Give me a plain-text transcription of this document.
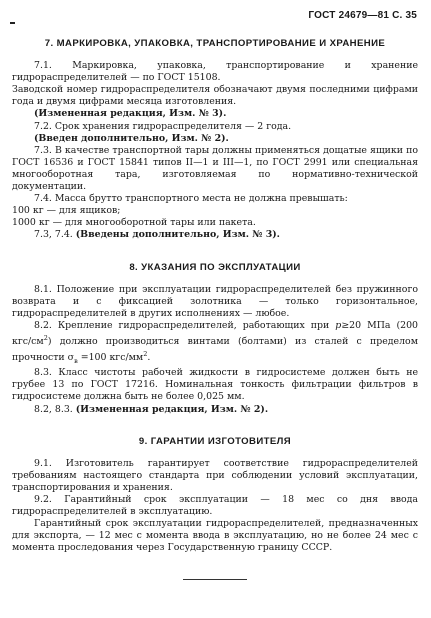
ГОСТ 24679—81 С. 35
7. МАРКИРОВКА, УПАКОВКА, ТРАНСПОРТИРОВАНИЕ И ХРАНЕНИЕ

7.1. Маркировка, упаковка, транспортирование и хранение гидрораспределителей — по ГОСТ 15108.

Заводской номер гидрораспределителя обозначают двумя последними цифрами года и двумя цифрами месяца изготовления.

(Измененная редакция, Изм. № 3).

7.2. Срок хранения гидрораспределителя — 2 года.

(Введен дополнительно, Изм. № 2).

7.3. В качестве транспортной тары должны применяться дощатые ящики по ГОСТ 16536 и ГОСТ 15841 типов II—1 и III—1, по ГОСТ 2991 или специальная многооборотная тара, изготовляемая по нормативно-технической документации.

7.4. Масса брутто транспортного места не должна превышать:

100 кг — для ящиков;

1000 кг — для многооборотной тары или пакета.

7.3, 7.4. (Введены дополнительно, Изм. № 3).

8. УКАЗАНИЯ ПО ЭКСПЛУАТАЦИИ

8.1. Положение при эксплуатации гидрораспределителей без пружинного возврата и с фиксацией золотника — только горизонтальное, гидрораспределителей в других исполнениях — любое.

8.2. Крепление гидрораспределителей, работающих при p≥20 МПа (200 кгс/$см^2$) должно производиться винтами (болтами) из сталей с пределом прочности $\sigma_в =100$ кгс/$мм^2$.

8.3. Класс чистоты рабочей жидкости в гидросистеме должен быть не грубее 13 по ГОСТ 17216. Номинальная тонкость фильтрации фильтров в гидросистеме должна быть не более 0,025 мм.

8.2, 8.3. (Измененная редакция, Изм. № 2).

9. ГАРАНТИИ ИЗГОТОВИТЕЛЯ

9.1. Изготовитель гарантирует соответствие гидрораспределителей требованиям настоящего стандарта при соблюдении условий эксплуатации, транспортирования и хранения.

9.2. Гарантийный срок эксплуатации — 18 мес со дня ввода гидрораспределителей в эксплуатацию.

Гарантийный срок эксплуатации гидрораспределителей, предназначенных для экспорта, — 12 мес с момента ввода в эксплуатацию, но не более 24 мес с момента проследования через Государственную границу СССР.
